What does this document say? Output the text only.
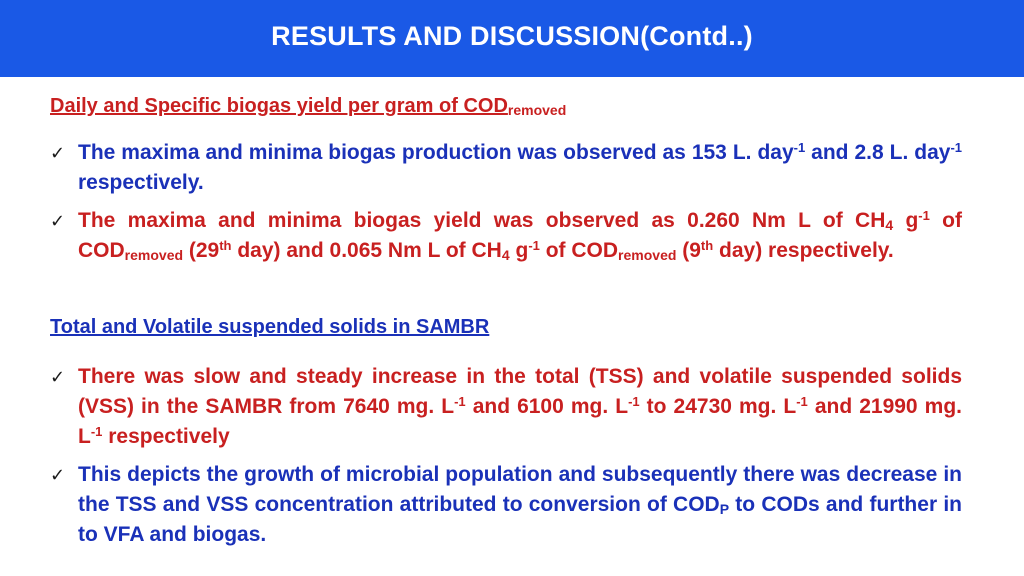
RESULTS AND DISCUSSION(Contd..)
Daily and Specific biogas yield per gram of $COD_{removed}$
✓ The maxima and minima biogas production was observed as 153 L. day$^{-1}$ and 2.8 L. day$^{-1}$ respectively.
✓ The maxima and minima biogas yield was observed as 0.260 Nm L of $CH_4$ $g^{-1}$ of $COD_{removed}$ (29th day) and 0.065 Nm L of $CH_4$ $g^{-1}$ of $COD_{removed}$ (9th day) respectively.
Total and Volatile suspended solids in SAMBR
✓ There was slow and steady increase in the total (TSS) and volatile suspended solids (VSS) in the SAMBR from 7640 mg. $L^{-1}$ and 6100 mg. $L^{-1}$ to 24730 mg. $L^{-1}$ and 21990 mg. $L^{-1}$ respectively
✓ This depicts the growth of microbial population and subsequently there was decrease in the TSS and VSS concentration attributed to conversion of $COD_P$ to CODs and further in to VFA and biogas.
